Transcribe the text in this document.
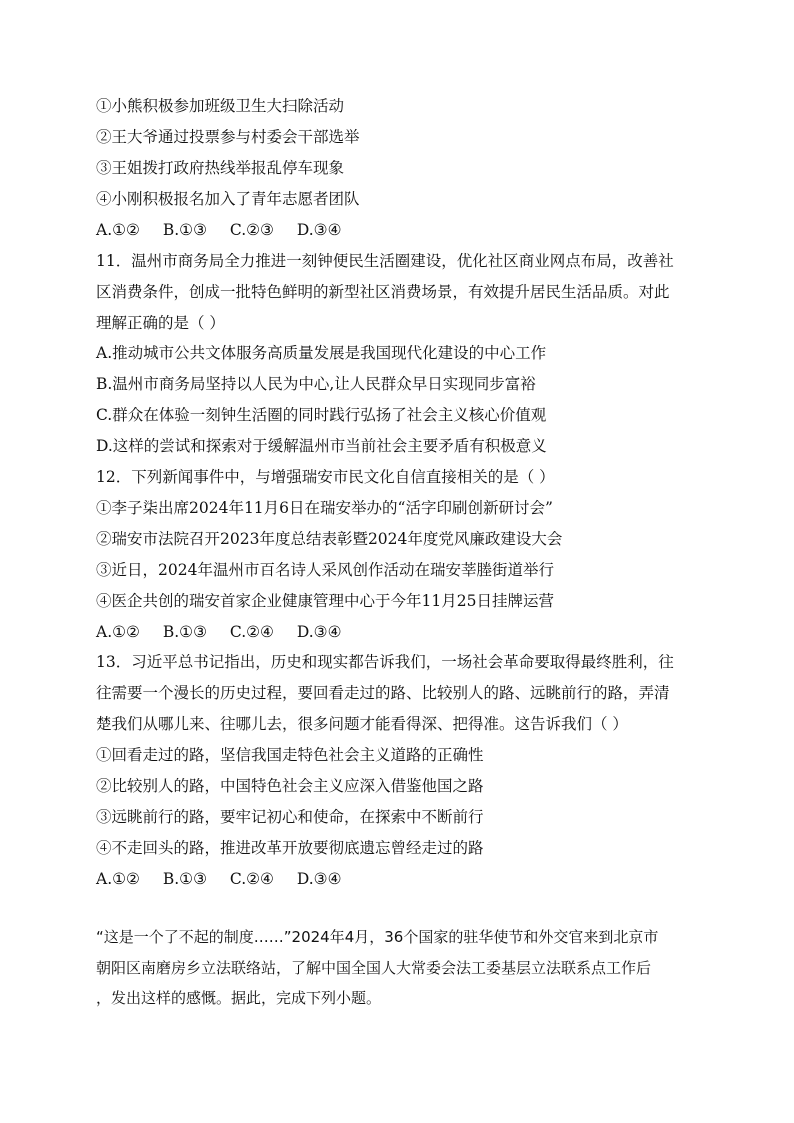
①小熊积极参加班级卫生大扫除活动
②王大爷通过投票参与村委会干部选举
③王姐拨打政府热线举报乱停车现象
④小刚积极报名加入了青年志愿者团队
A.①② B.①③ C.②③ D.③④
11．温州市商务局全力推进一刻钟便民生活圈建设，优化社区商业网点布局，改善社
区消费条件，创成一批特色鲜明的新型社区消费场景，有效提升居民生活品质。对此
理解正确的是（ ）
A.推动城市公共文体服务高质量发展是我国现代化建设的中心工作
B.温州市商务局坚持以人民为中心,让人民群众早日实现同步富裕
C.群众在体验一刻钟生活圈的同时践行弘扬了社会主义核心价值观
D.这样的尝试和探索对于缓解温州市当前社会主要矛盾有积极意义
12．下列新闻事件中，与增强瑞安市民文化自信直接相关的是（ ）
①李子柒出席2024年11月6日在瑞安举办的“活字印刷创新研讨会”
②瑞安市法院召开2023年度总结表彰暨2024年度党风廉政建设大会
③近日，2024年温州市百名诗人采风创作活动在瑞安莘塍街道举行
④医企共创的瑞安首家企业健康管理中心于今年11月25日挂牌运营
A.①② B.①③ C.②④ D.③④
13．习近平总书记指出，历史和现实都告诉我们，一场社会革命要取得最终胜利，往
往需要一个漫长的历史过程，要回看走过的路、比较别人的路、远眺前行的路，弄清
楚我们从哪儿来、往哪儿去，很多问题才能看得深、把得准。这告诉我们（ ）
①回看走过的路，坚信我国走特色社会主义道路的正确性
②比较别人的路，中国特色社会主义应深入借鉴他国之路
③远眺前行的路，要牢记初心和使命，在探索中不断前行
④不走回头的路，推进改革开放要彻底遗忘曾经走过的路
A.①② B.①③ C.②④ D.③④
“这是一个了不起的制度……”2024年4月，36个国家的驻华使节和外交官来到北京市
朝阳区南磨房乡立法联络站，了解中国全国人大常委会法工委基层立法联系点工作后
，发出这样的感慨。据此，完成下列小题。
